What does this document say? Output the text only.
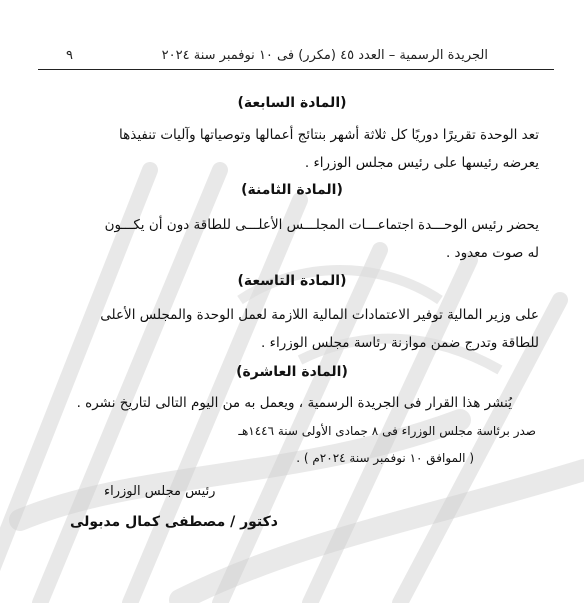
٩	الجريدة الرسمية – العدد ٤٥ (مكرر) فى ١٠ نوفمبر سنة ٢٠٢٤
(المادة السابعة)
تعد الوحدة تقريرًا دوريًا كل ثلاثة أشهر بنتائج أعمالها وتوصياتها وآليات تنفيذها
يعرضه رئيسها على رئيس مجلس الوزراء .
(المادة الثامنة)
يحضر رئيس الوحـــدة اجتماعـــات المجلـــس الأعلـــى للطاقة دون أن يكـــون
له صوت معدود .
(المادة التاسعة)
على وزير المالية توفير الاعتمادات المالية اللازمة لعمل الوحدة والمجلس الأعلى
للطاقة وتدرج ضمن موازنة رئاسة مجلس الوزراء .
(المادة العاشرة)
يُنشر هذا القرار فى الجريدة الرسمية ، ويعمل به من اليوم التالى لتاريخ نشره .
صدر برئاسة مجلس الوزراء فى ٨ جمادى الأولى سنة ١٤٤٦هـ
( الموافق ١٠ نوفمبر سنة ٢٠٢٤م ) .
رئيس مجلس الوزراء
دكتور / مصطفى كمال مدبولى
